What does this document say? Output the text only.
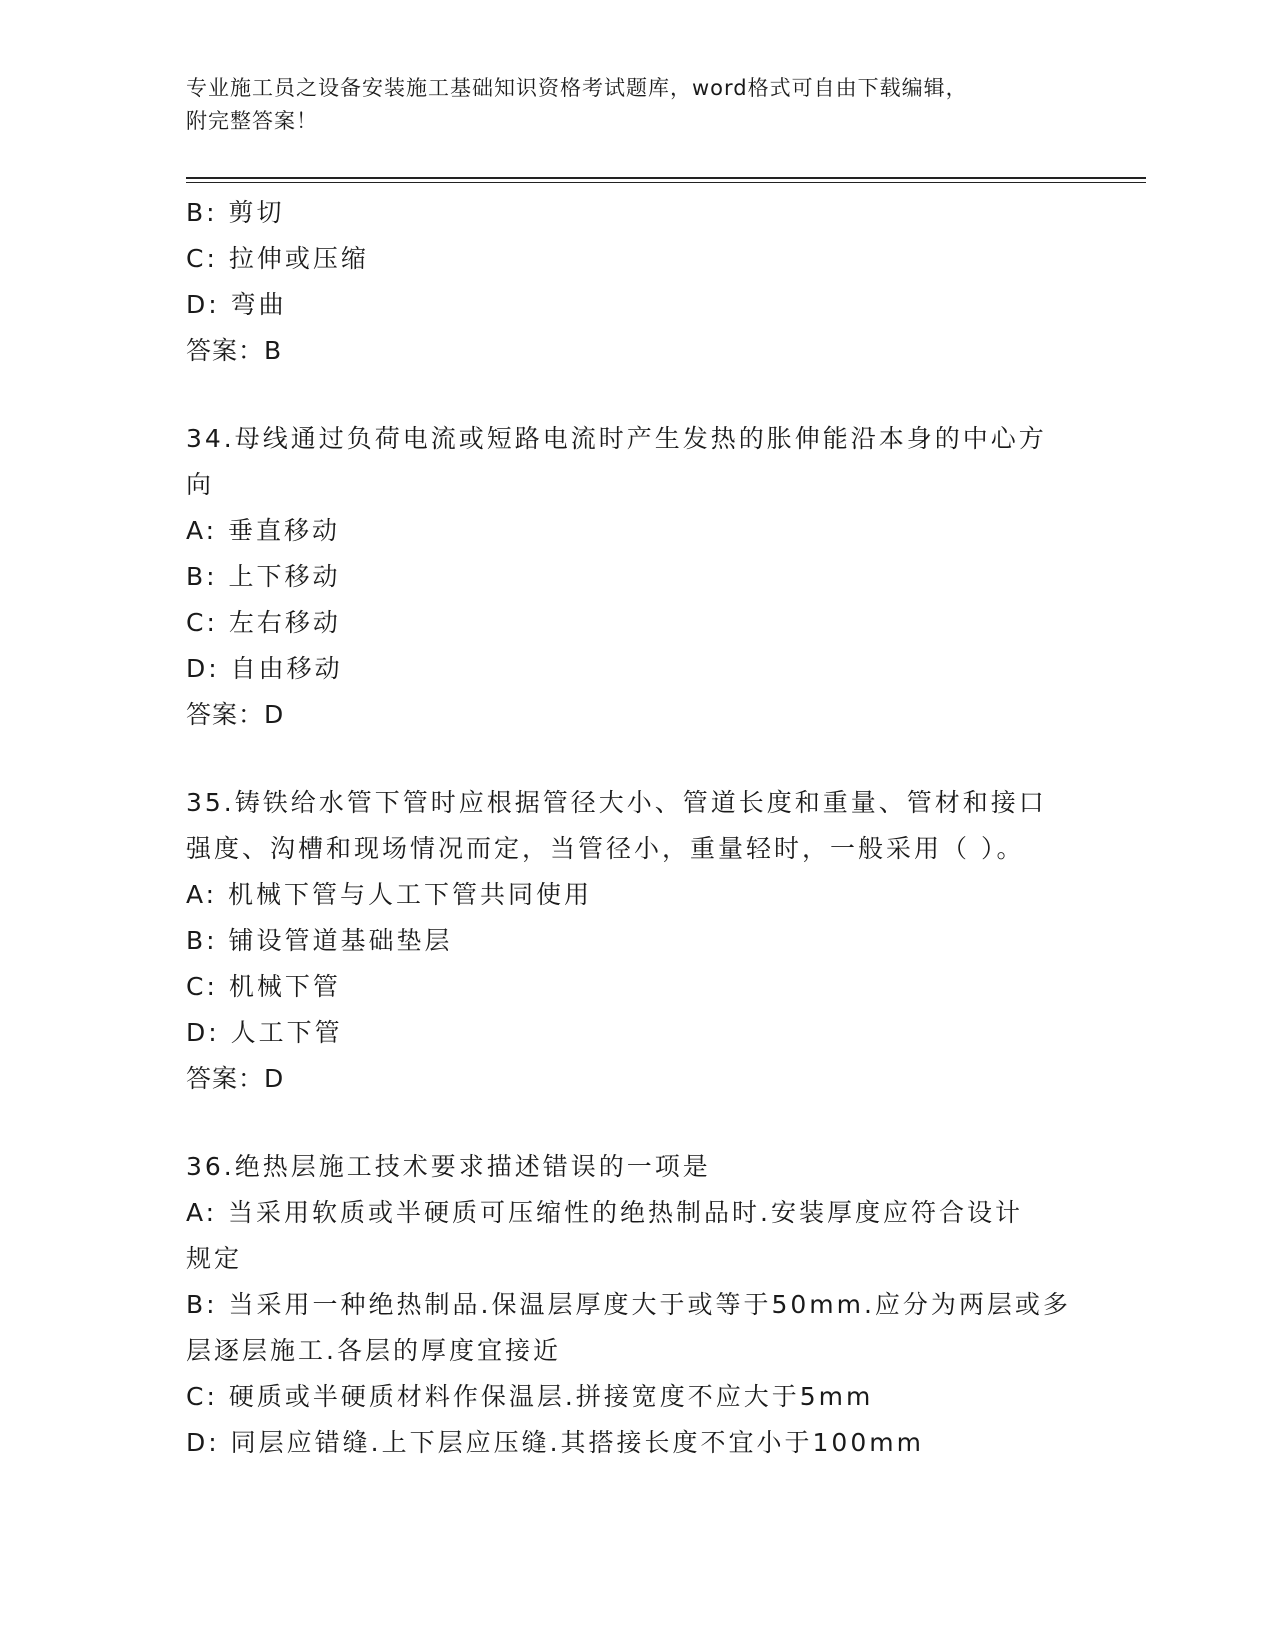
专业施工员之设备安装施工基础知识资格考试题库，word格式可自由下载编辑，
附完整答案！
B: 剪切
C: 拉伸或压缩
D: 弯曲
答案：B
34.母线通过负荷电流或短路电流时产生发热的胀伸能沿本身的中心方
向
A: 垂直移动
B: 上下移动
C: 左右移动
D: 自由移动
答案：D
35.铸铁给水管下管时应根据管径大小、管道长度和重量、管材和接口
强度、沟槽和现场情况而定，当管径小，重量轻时，一般采用（ ）。
A: 机械下管与人工下管共同使用
B: 铺设管道基础垫层
C: 机械下管
D: 人工下管
答案：D
36.绝热层施工技术要求描述错误的一项是
A: 当采用软质或半硬质可压缩性的绝热制品时.安装厚度应符合设计
规定
B: 当采用一种绝热制品.保温层厚度大于或等于50mm.应分为两层或多
层逐层施工.各层的厚度宜接近
C: 硬质或半硬质材料作保温层.拼接宽度不应大于5mm
D: 同层应错缝.上下层应压缝.其搭接长度不宜小于100mm
